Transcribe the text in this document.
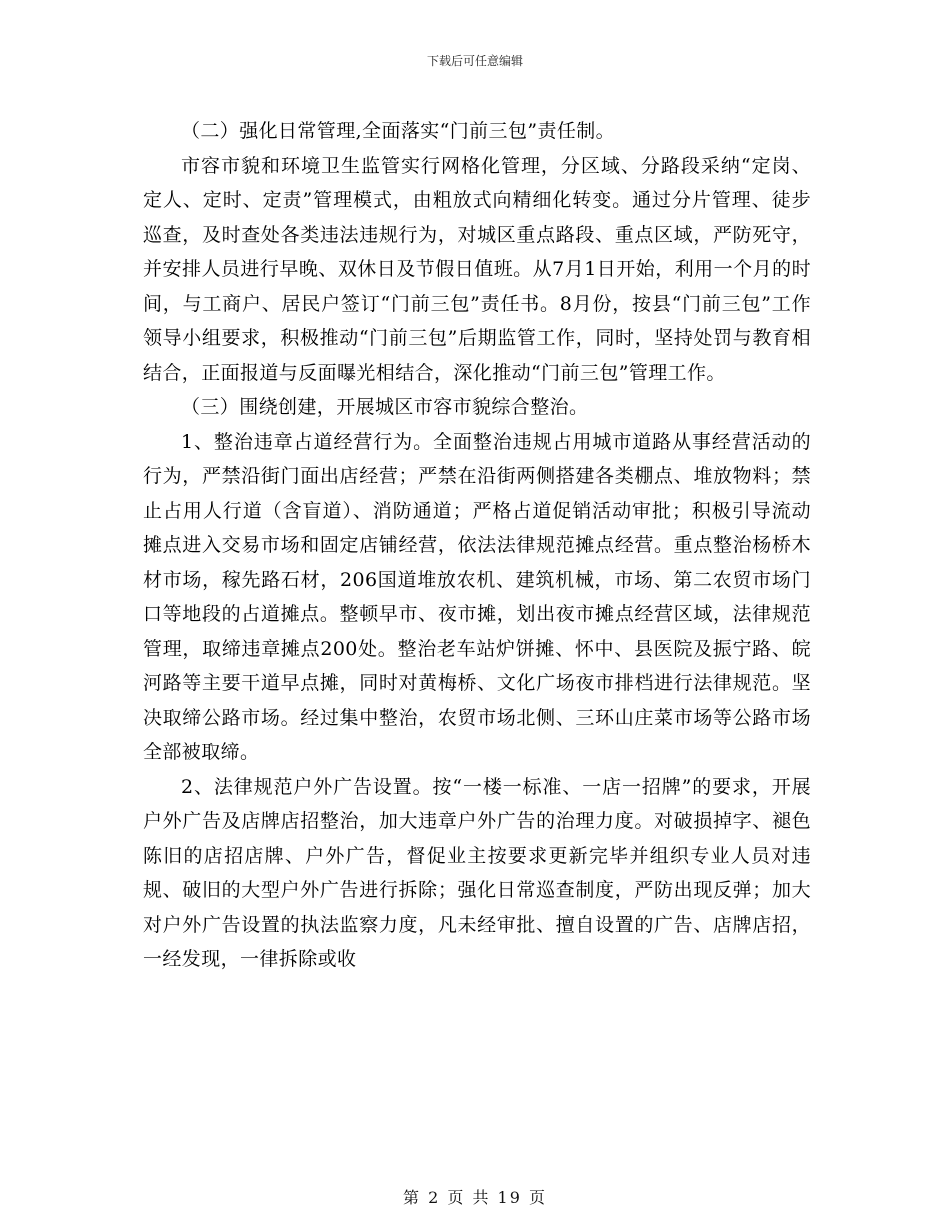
下载后可任意编辑

（二）强化日常管理,全面落实“门前三包”责任制。

市容市貌和环境卫生监管实行网格化管理，分区域、分路段采纳“定岗、定人、定时、定责”管理模式，由粗放式向精细化转变。通过分片管理、徒步巡查，及时查处各类违法违规行为，对城区重点路段、重点区域，严防死守，并安排人员进行早晚、双休日及节假日值班。从7月1日开始，利用一个月的时间，与工商户、居民户签订“门前三包”责任书。8月份，按县“门前三包”工作领导小组要求，积极推动“门前三包”后期监管工作，同时，坚持处罚与教育相结合，正面报道与反面曝光相结合，深化推动“门前三包”管理工作。

（三）围绕创建，开展城区市容市貌综合整治。

1、整治违章占道经营行为。全面整治违规占用城市道路从事经营活动的行为，严禁沿街门面出店经营；严禁在沿街两侧搭建各类棚点、堆放物料；禁止占用人行道（含盲道）、消防通道；严格占道促销活动审批；积极引导流动摊点进入交易市场和固定店铺经营，依法法律规范摊点经营。重点整治杨桥木材市场，稼先路石材，206国道堆放农机、建筑机械，市场、第二农贸市场门口等地段的占道摊点。整顿早市、夜市摊，划出夜市摊点经营区域，法律规范管理，取缔违章摊点200处。整治老车站炉饼摊、怀中、县医院及振宁路、皖河路等主要干道早点摊，同时对黄梅桥、文化广场夜市排档进行法律规范。坚决取缔公路市场。经过集中整治，农贸市场北侧、三环山庄菜市场等公路市场全部被取缔。

2、法律规范户外广告设置。按“一楼一标准、一店一招牌”的要求，开展户外广告及店牌店招整治，加大违章户外广告的治理力度。对破损掉字、褪色陈旧的店招店牌、户外广告，督促业主按要求更新完毕并组织专业人员对违规、破旧的大型户外广告进行拆除；强化日常巡查制度，严防出现反弹；加大对户外广告设置的执法监察力度，凡未经审批、擅自设置的广告、店牌店招，一经发现，一律拆除或收

第 2 页 共 19 页
